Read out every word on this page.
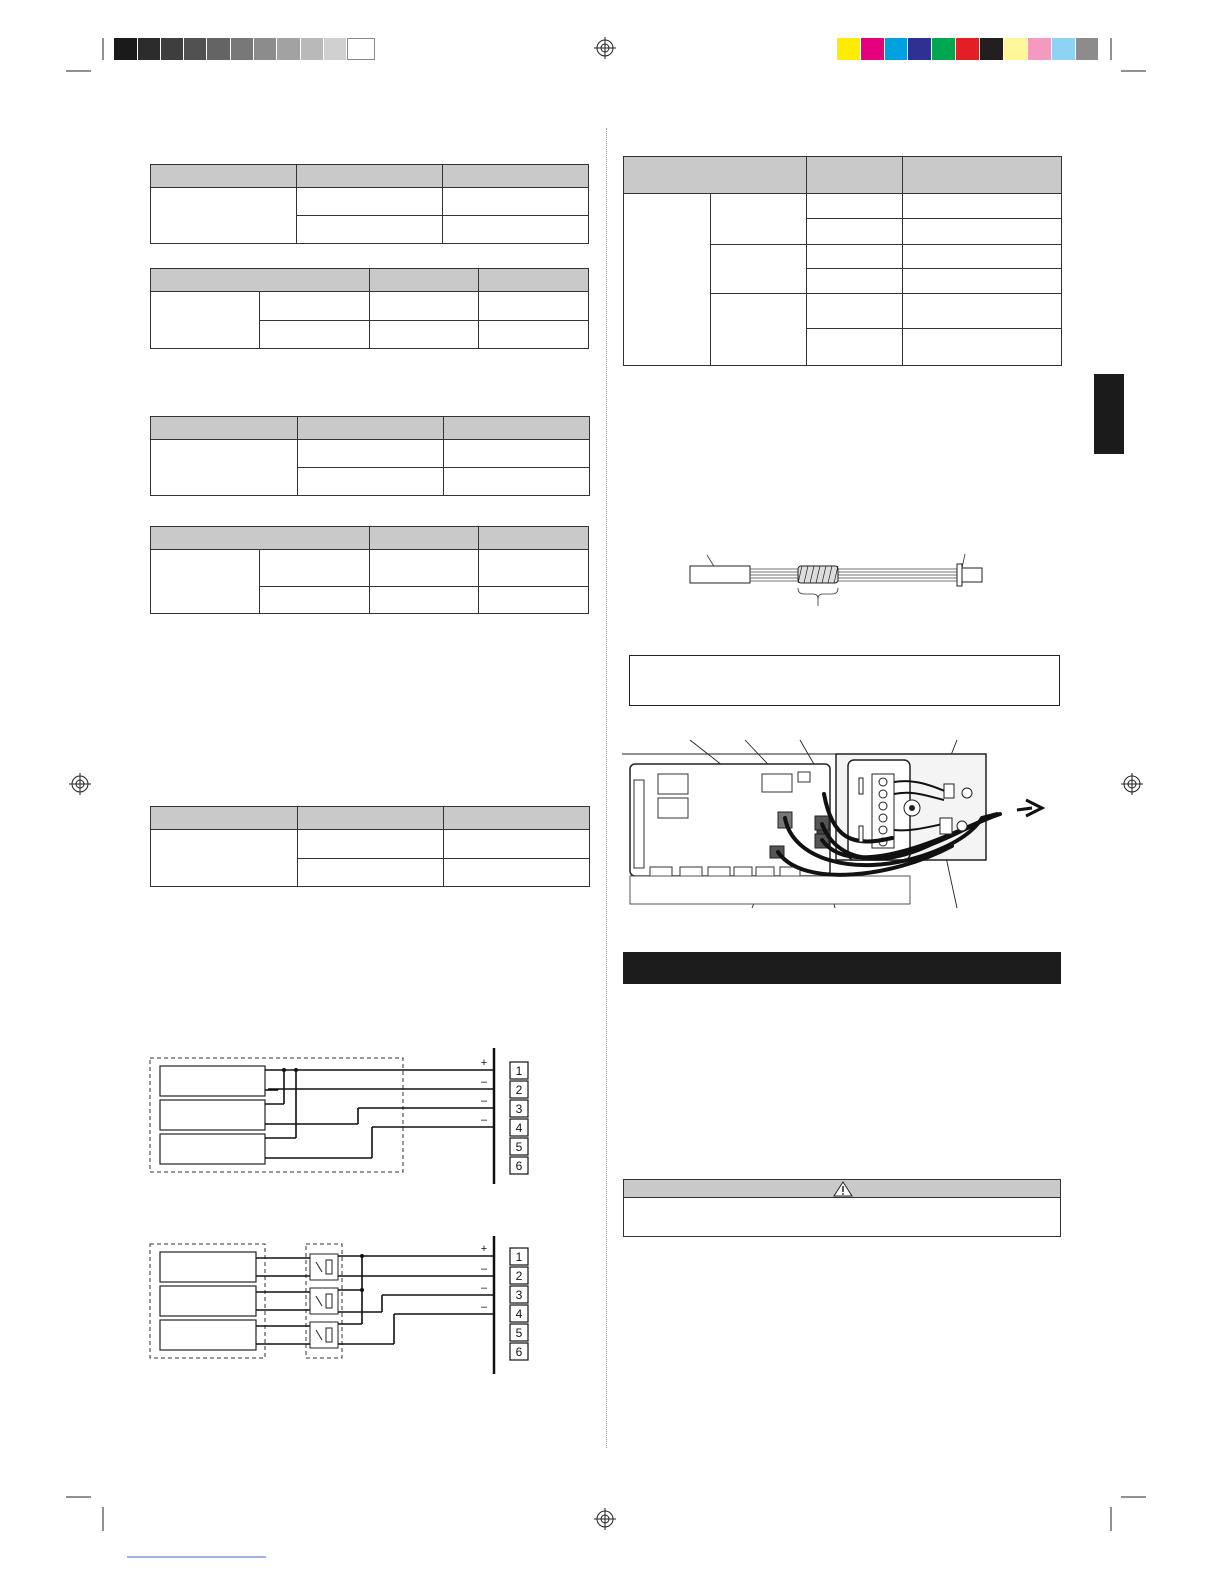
+
–
–
–
1
2
3
4
5
6
+
–
–
–
1
2
3
4
5
6
